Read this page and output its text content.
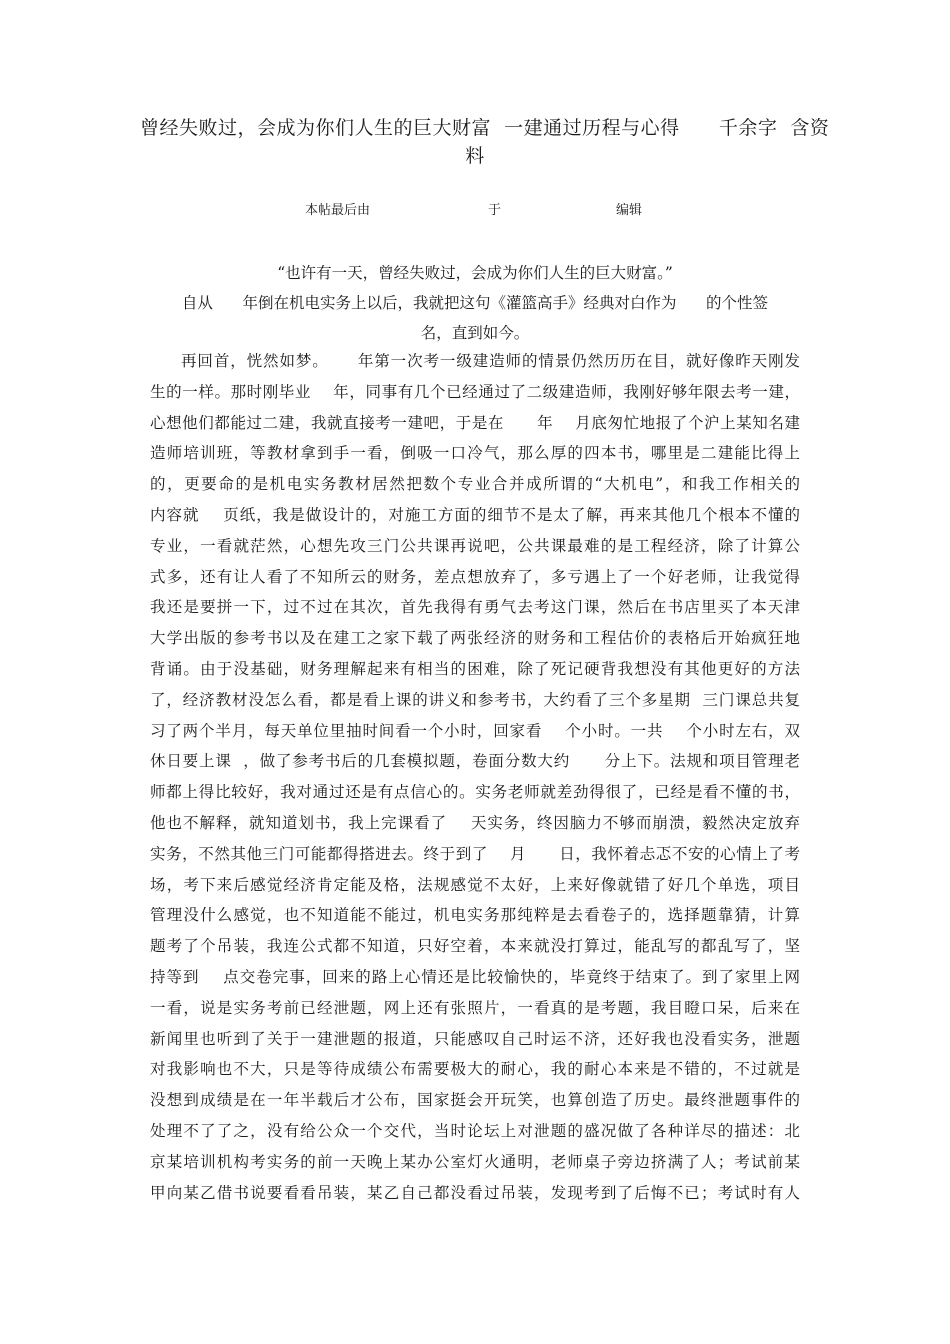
曾经失败过，会成为你们人生的巨大财富  一建通过历程与心得      千余字  含资
料
本帖最后由	于	编辑
“也许有一天，曾经失败过，会成为你们人生的巨大财富。”
自从      年倒在机电实务上以后，我就把这句《灌篮高手》经典对白作为      的个性签
名，直到如今。
再回首，恍然如梦。     年第一次考一级建造师的情景仍然历历在目，就好像昨天刚发
生的一样。那时刚毕业    年，同事有几个已经通过了二级建造师，我刚好够年限去考一建，
心想他们都能过二建，我就直接考一建吧，于是在      年    月底匆忙地报了个沪上某知名建
造师培训班，等教材拿到手一看，倒吸一口冷气，那么厚的四本书，哪里是二建能比得上
的，更要命的是机电实务教材居然把数个专业合并成所谓的“大机电”，和我工作相关的
内容就    页纸，我是做设计的，对施工方面的细节不是太了解，再来其他几个根本不懂的
专业，一看就茫然，心想先攻三门公共课再说吧，公共课最难的是工程经济，除了计算公
式多，还有让人看了不知所云的财务，差点想放弃了，多亏遇上了一个好老师，让我觉得
我还是要拼一下，过不过在其次，首先我得有勇气去考这门课，然后在书店里买了本天津
大学出版的参考书以及在建工之家下载了两张经济的财务和工程估价的表格后开始疯狂地
背诵。由于没基础，财务理解起来有相当的困难，除了死记硬背我想没有其他更好的方法
了，经济教材没怎么看，都是看上课的讲义和参考书，大约看了三个多星期  三门课总共复
习了两个半月，每天单位里抽时间看一个小时，回家看    个小时。一共    个小时左右，双
休日要上课  ，做了参考书后的几套模拟题，卷面分数大约      分上下。法规和项目管理老
师都上得比较好，我对通过还是有点信心的。实务老师就差劲得很了，已经是看不懂的书，
他也不解释，就知道划书，我上完课看了    天实务，终因脑力不够而崩溃，毅然决定放弃
实务，不然其他三门可能都得搭进去。终于到了    月      日，我怀着忐忑不安的心情上了考
场，考下来后感觉经济肯定能及格，法规感觉不太好，上来好像就错了好几个单选，项目
管理没什么感觉，也不知道能不能过，机电实务那纯粹是去看卷子的，选择题靠猜，计算
题考了个吊装，我连公式都不知道，只好空着，本来就没打算过，能乱写的都乱写了，坚
持等到    点交卷完事，回来的路上心情还是比较愉快的，毕竟终于结束了。到了家里上网
一看，说是实务考前已经泄题，网上还有张照片，一看真的是考题，我目瞪口呆，后来在
新闻里也听到了关于一建泄题的报道，只能感叹自己时运不济，还好我也没看实务，泄题
对我影响也不大，只是等待成绩公布需要极大的耐心，我的耐心本来是不错的，不过就是
没想到成绩是在一年半载后才公布，国家挺会开玩笑，也算创造了历史。最终泄题事件的
处理不了了之，没有给公众一个交代，当时论坛上对泄题的盛况做了各种详尽的描述：北
京某培训机构考实务的前一天晚上某办公室灯火通明，老师桌子旁边挤满了人；考试前某
甲向某乙借书说要看看吊装，某乙自己都没看过吊装，发现考到了后悔不已；考试时有人
